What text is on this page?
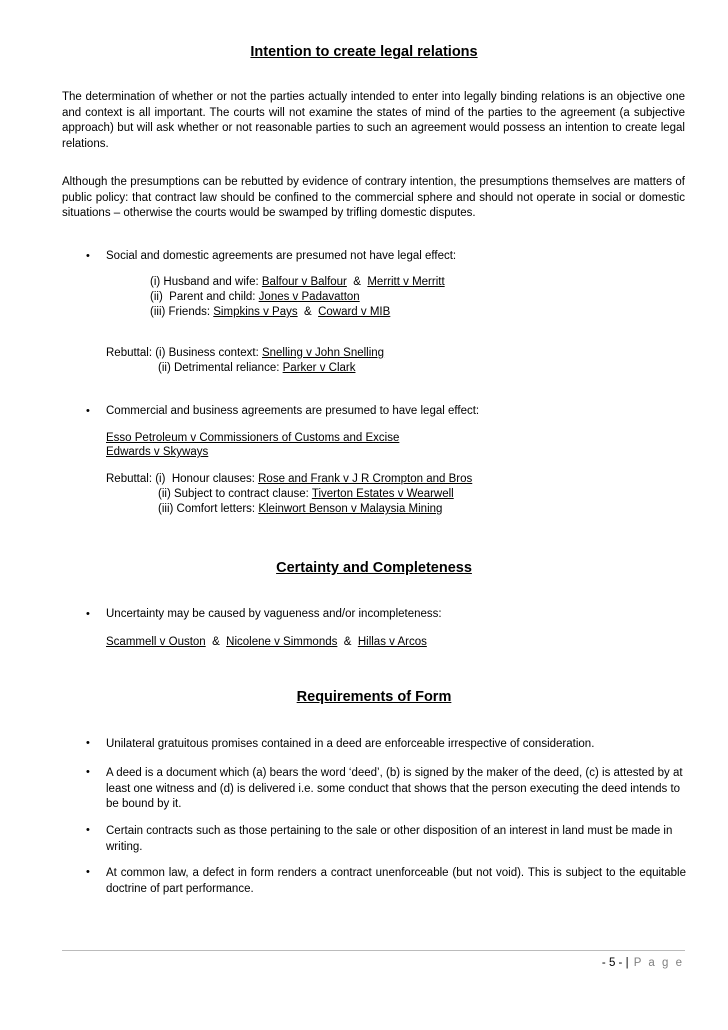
Intention to create legal relations

The determination of whether or not the parties actually intended to enter into legally binding relations is an objective one and context is all important. The courts will not examine the states of mind of the parties to the agreement (a subjective approach) but will ask whether or not reasonable parties to such an agreement would possess an intention to create legal relations.

Although the presumptions can be rebutted by evidence of contrary intention, the presumptions themselves are matters of public policy: that contract law should be confined to the commercial sphere and should not operate in social or domestic situations – otherwise the courts would be swamped by trifling domestic disputes.

•	Social and domestic agreements are presumed not have legal effect:
(i) Husband and wife: Balfour v Balfour  &  Merritt v Merritt
(ii)  Parent and child: Jones v Padavatton
(iii) Friends: Simpkins v Pays  &  Coward v MIB
Rebuttal: (i) Business context: Snelling v John Snelling
(ii) Detrimental reliance: Parker v Clark
•	Commercial and business agreements are presumed to have legal effect:
Esso Petroleum v Commissioners of Customs and Excise
Edwards v Skyways
Rebuttal: (i)  Honour clauses: Rose and Frank v J R Crompton and Bros
(ii) Subject to contract clause: Tiverton Estates v Wearwell
(iii) Comfort letters: Kleinwort Benson v Malaysia Mining
Certainty and Completeness
•	Uncertainty may be caused by vagueness and/or incompleteness:
Scammell v Ouston  &  Nicolene v Simmonds  &  Hillas v Arcos
Requirements of Form
•	Unilateral gratuitous promises contained in a deed are enforceable irrespective of consideration.
•	A deed is a document which (a) bears the word ‘deed’, (b) is signed by the maker of the deed, (c) is attested by at least one witness and (d) is delivered i.e. some conduct that shows that the person executing the deed intends to be bound by it.
•	Certain contracts such as those pertaining to the sale or other disposition of an interest in land must be made in writing.
•	At common law, a defect in form renders a contract unenforceable (but not void). This is subject to the equitable doctrine of part performance.
- 5 - | P a g e
